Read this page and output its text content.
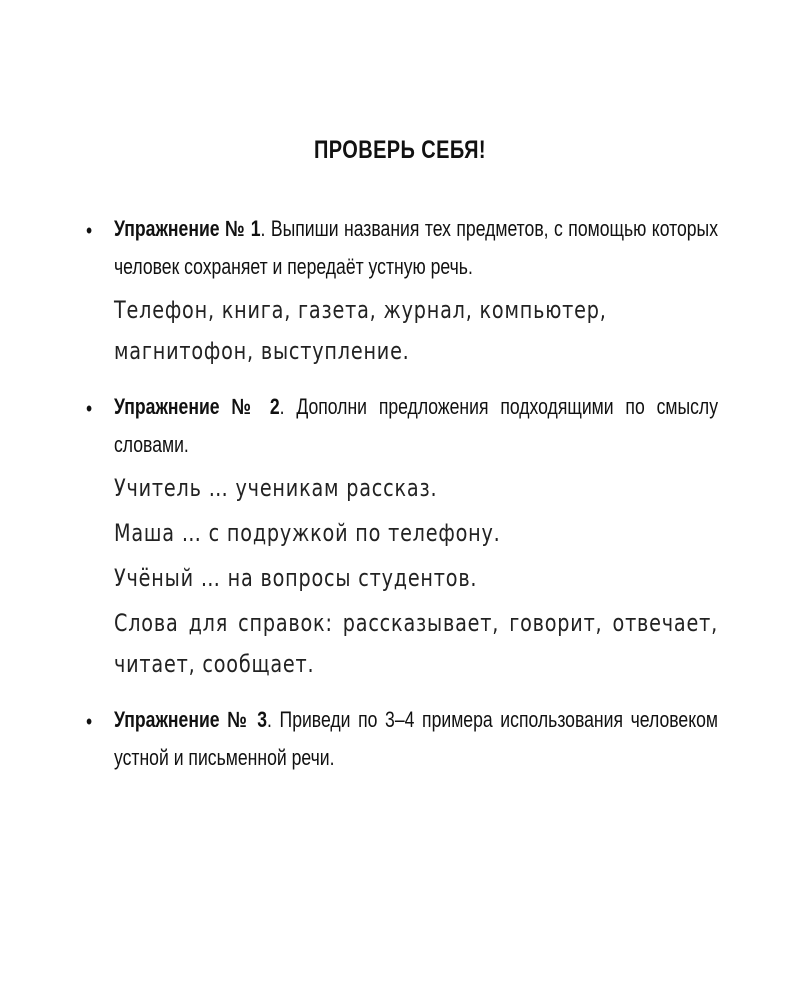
ПРОВЕРЬ СЕБЯ!
• Упражнение № 1. Выпиши названия тех предметов, с помощью которых человек сохраняет и передаёт устную речь.

Телефон, книга, газета, журнал, компьютер, магнитофон, выступление.

• Упражнение № 2. Дополни предложения подходящими по смыслу словами.

Учитель … ученикам рассказ.

Маша … с подружкой по телефону.

Учёный … на вопросы студентов.

Слова для справок: рассказывает, говорит, отвечает, читает, сообщает.

• Упражнение № 3. Приведи по 3–4 примера использования человеком устной и письменной речи.
